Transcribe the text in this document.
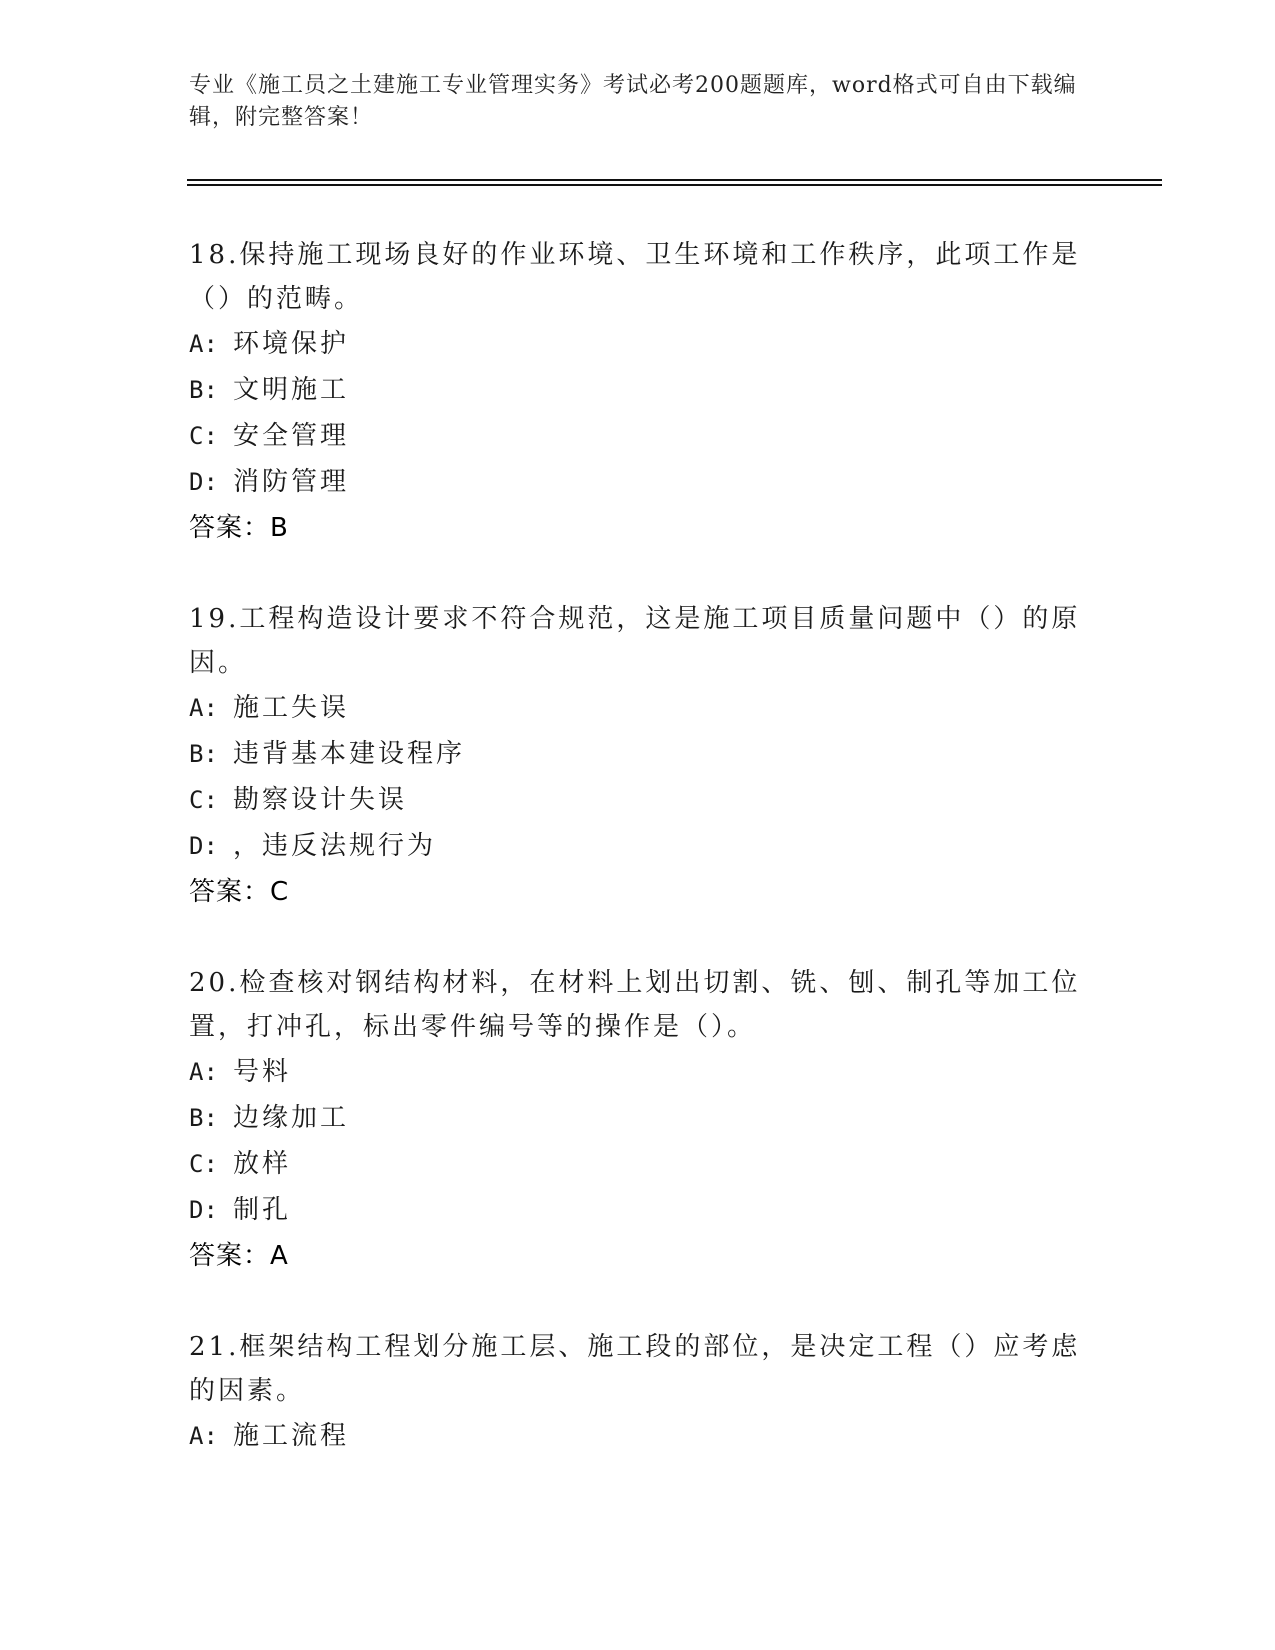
专业《施工员之土建施工专业管理实务》考试必考200题题库，word格式可自由下载编辑，附完整答案！
18.保持施工现场良好的作业环境、卫生环境和工作秩序，此项工作是（）的范畴。
A: 环境保护
B: 文明施工
C: 安全管理
D: 消防管理
答案：B
19.工程构造设计要求不符合规范，这是施工项目质量问题中（）的原因。
A: 施工失误
B: 违背基本建设程序
C: 勘察设计失误
D: ，违反法规行为
答案：C
20.检查核对钢结构材料，在材料上划出切割、铣、刨、制孔等加工位置，打冲孔，标出零件编号等的操作是（）。
A: 号料
B: 边缘加工
C: 放样
D: 制孔
答案：A
21.框架结构工程划分施工层、施工段的部位，是决定工程（）应考虑的因素。
A: 施工流程
